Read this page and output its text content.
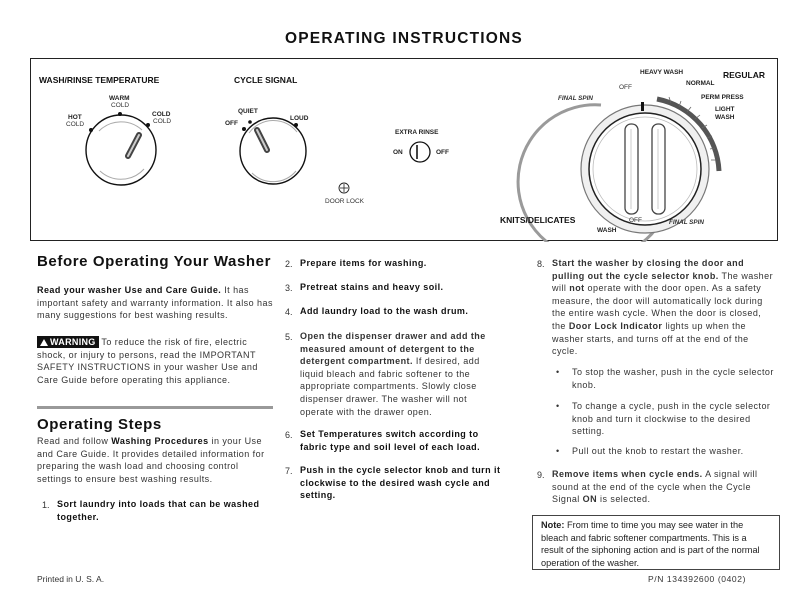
OPERATING INSTRUCTIONS
WASH/RINSE TEMPERATURE
HOT
COLD
WARM
COLD
COLD
COLD
CYCLE SIGNAL
OFF
QUIET
LOUD
EXTRA RINSE
ON	OFF
DOOR LOCK
REGULAR
HEAVY WASH
NORMAL
PERM PRESS
LIGHT WASH
OFF
FINAL SPIN
KNITS/DELICATES	OFF
WASH
FINAL SPIN
Before Operating Your Washer
Read your washer Use and Care Guide. It has important safety and warranty information. It also has many suggestions for best washing results.
WARNING To reduce the risk of fire, electric shock, or injury to persons, read the IMPORTANT SAFETY INSTRUCTIONS in your washer Use and Care Guide before operating this appliance.
Operating Steps
Read and follow Washing Procedures in your Use and Care Guide. It provides detailed information for preparing the wash load and choosing control settings to ensure best washing results.
1. Sort laundry into loads that can be washed together.
2. Prepare items for washing.
3. Pretreat stains and heavy soil.
4. Add laundry load to the wash drum.
5. Open the dispenser drawer and add the measured amount of detergent to the detergent compartment. If desired, add liquid bleach and fabric softener to the appropriate compartments. Slowly close dispenser drawer. The washer will not operate with the drawer open.
6. Set Temperatures switch according to fabric type and soil level of each load.
7. Push in the cycle selector knob and turn it clockwise to the desired wash cycle and setting.
8. Start the washer by closing the door and pulling out the cycle selector knob. The washer will not operate with the door open. As a safety measure, the door will automatically lock during the entire wash cycle. When the door is closed, the Door Lock Indicator lights up when the washer starts, and turns off at the end of the cycle.
• To stop the washer, push in the cycle selector knob.
• To change a cycle, push in the cycle selector knob and turn it clockwise to the desired setting.
• Pull out the knob to restart the washer.
9. Remove items when cycle ends. A signal will sound at the end of the cycle when the Cycle Signal ON is selected.
Note: From time to time you may see water in the bleach and fabric softener compartments. This is a result of the siphoning action and is part of the normal operation of the washer.
Printed in U. S. A.	P/N 134392600 (0402)
